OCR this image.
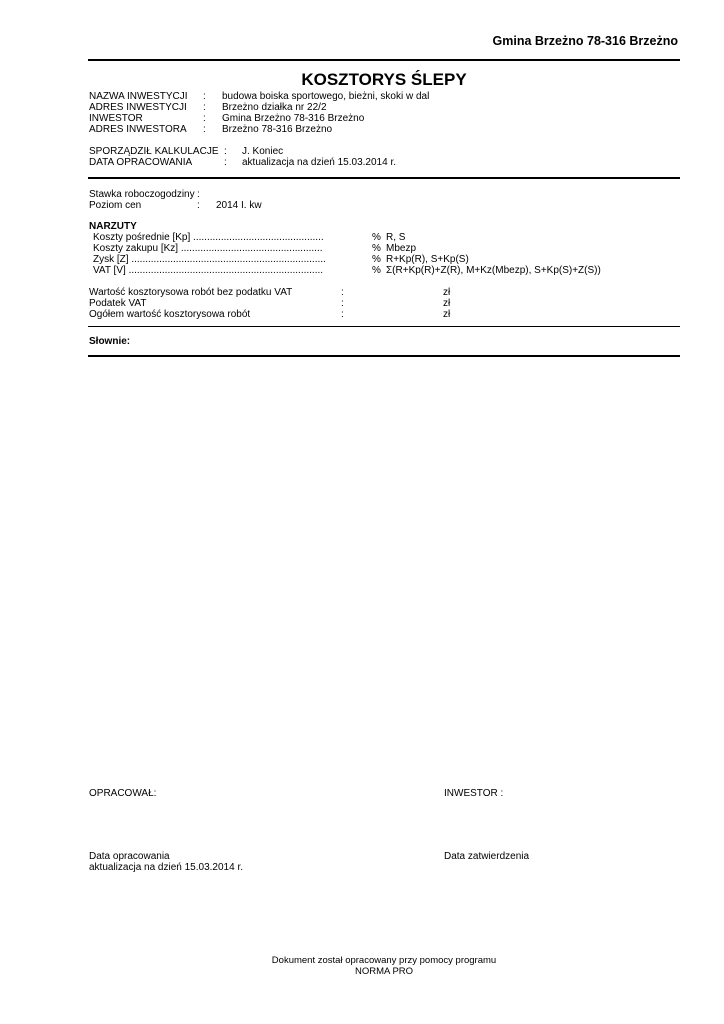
Gmina Brzeżno 78-316 Brzeżno
KOSZTORYS ŚLEPY
NAZWA INWESTYCJI : budowa boiska sportowego, bieżni, skoki w dal
ADRES INWESTYCJI : Brzeżno działka nr 22/2
INWESTOR	: Gmina Brzeżno 78-316 Brzeżno
ADRES INWESTORA : Brzeżno 78-316 Brzeżno
SPORZĄDZIŁ KALKULACJE : J. Koniec
DATA OPRACOWANIA	: aktualizacja na dzień 15.03.2014 r.
Stawka roboczogodziny :
Poziom cen	: 2014 I. kw
NARZUTY
Koszty pośrednie [Kp] ...............................................	% R, S
Koszty zakupu [Kz] ...................................................	% Mbezp
Zysk [Z] ......................................................................	% R+Kp(R), S+Kp(S)
VAT [V] ......................................................................	% Σ(R+Kp(R)+Z(R), M+Kz(Mbezp), S+Kp(S)+Z(S))
Wartość kosztorysowa robót bez podatku VAT	:	zł
Podatek VAT	:	zł
Ogółem wartość kosztorysowa robót	:	zł
Słownie:
OPRACOWAŁ:	INWESTOR :
Data opracowania
aktualizacja na dzień 15.03.2014 r.
Data zatwierdzenia
Dokument został opracowany przy pomocy programu
NORMA PRO
